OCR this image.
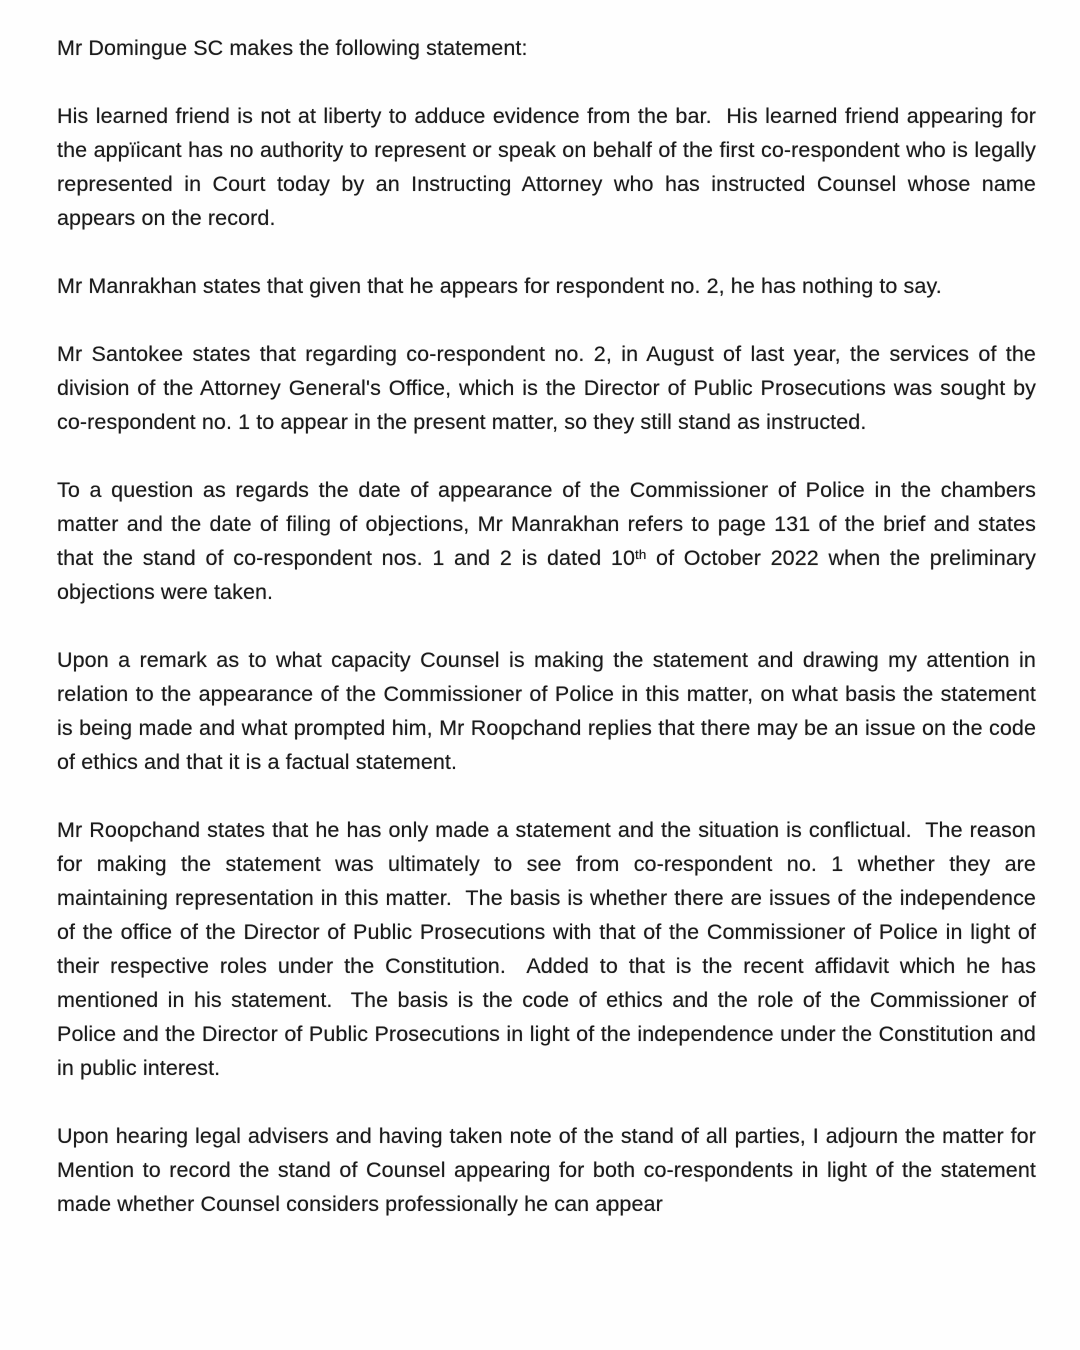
Mr Domingue SC makes the following statement:

His learned friend is not at liberty to adduce evidence from the bar.  His learned friend appearing for the appïicant has no authority to represent or speak on behalf of the first co-respondent who is legally represented in Court today by an Instructing Attorney who has instructed Counsel whose name appears on the record.

Mr Manrakhan states that given that he appears for respondent no. 2, he has nothing to say.

Mr Santokee states that regarding co-respondent no. 2, in August of last year, the services of the division of the Attorney General's Office, which is the Director of Public Prosecutions was sought by co-respondent no. 1 to appear in the present matter, so they still stand as instructed.

To a question as regards the date of appearance of the Commissioner of Police in the chambers matter and the date of filing of objections, Mr Manrakhan refers to page 131 of the brief and states that the stand of co-respondent nos. 1 and 2 is dated 10th of October 2022 when the preliminary objections were taken.

Upon a remark as to what capacity Counsel is making the statement and drawing my attention in relation to the appearance of the Commissioner of Police in this matter, on what basis the statement is being made and what prompted him, Mr Roopchand replies that there may be an issue on the code of ethics and that it is a factual statement.

Mr Roopchand states that he has only made a statement and the situation is conflictual.  The reason for making the statement was ultimately to see from co-respondent no. 1 whether they are maintaining representation in this matter.  The basis is whether there are issues of the independence of the office of the Director of Public Prosecutions with that of the Commissioner of Police in light of their respective roles under the Constitution.  Added to that is the recent affidavit which he has mentioned in his statement.  The basis is the code of ethics and the role of the Commissioner of Police and the Director of Public Prosecutions in light of the independence under the Constitution and in public interest.

Upon hearing legal advisers and having taken note of the stand of all parties, I adjourn the matter for Mention to record the stand of Counsel appearing for both co-respondents in light of the statement made whether Counsel considers professionally he can appear
